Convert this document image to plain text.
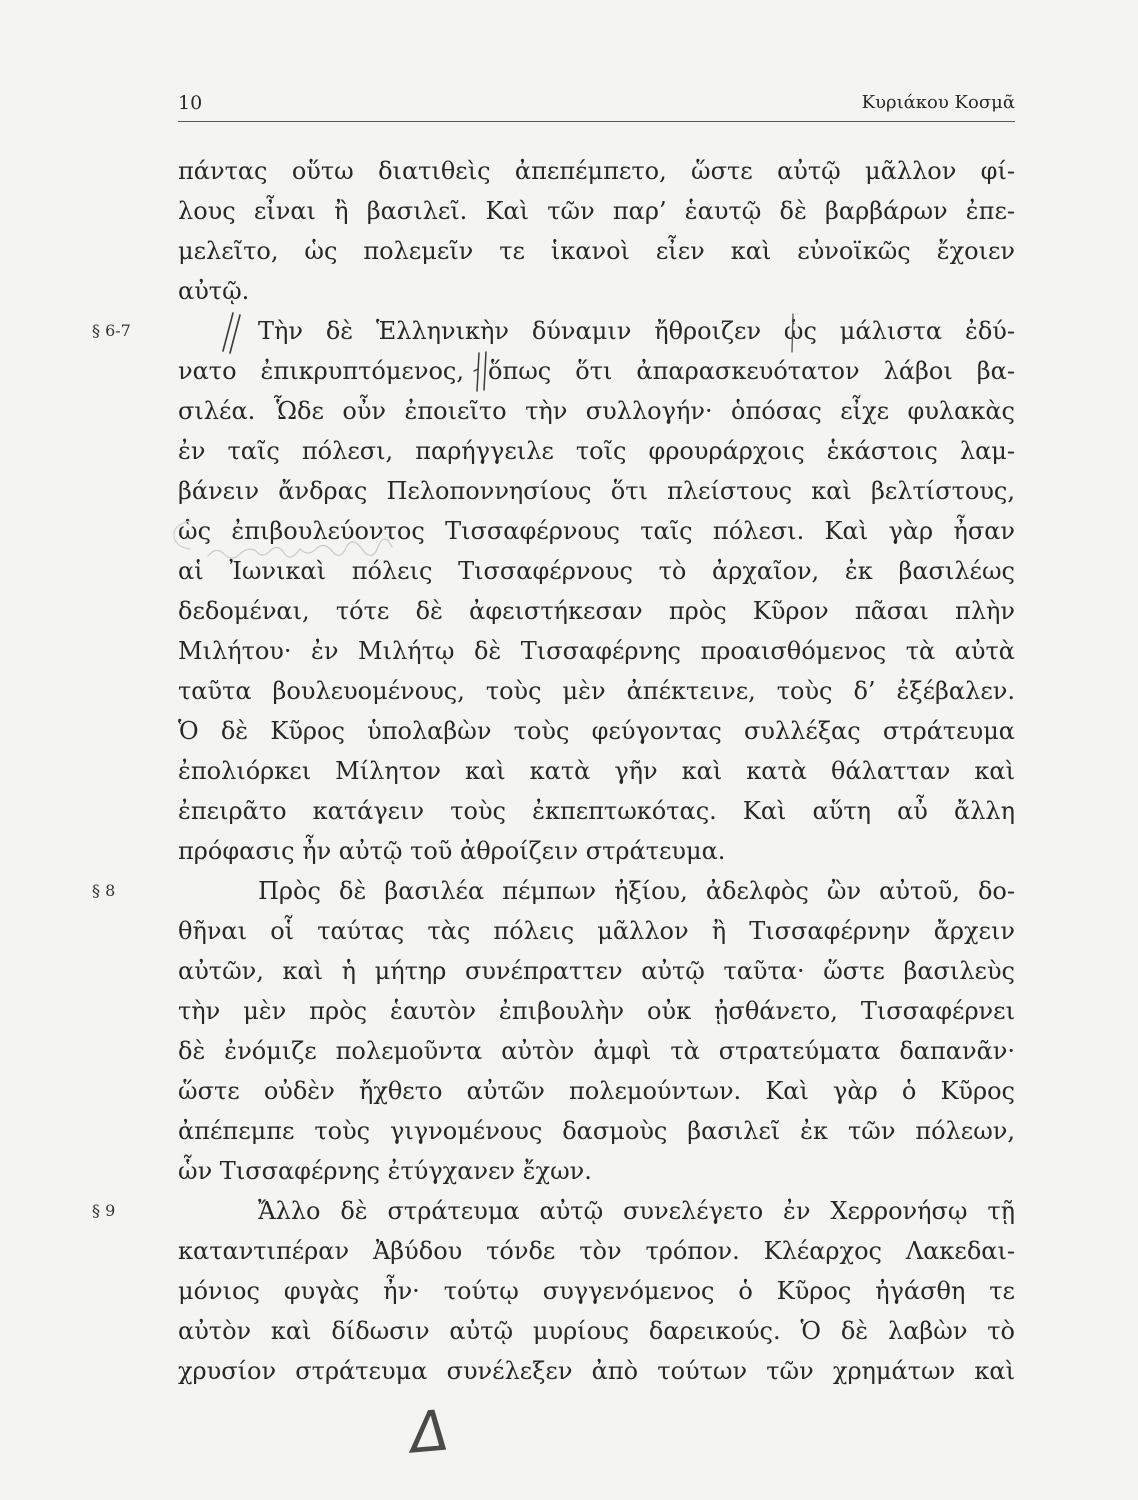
10	Κυριάκου Κοσμᾶ
§ 6-7
§ 8
§ 9
πάντας οὕτω διατιθεὶς ἀπεπέμπετο, ὥστε αὐτῷ μᾶλλον φί-
λους εἶναι ἢ βασιλεῖ. Καὶ τῶν παρ’ ἑαυτῷ δὲ βαρβάρων ἐπε-
μελεῖτο, ὡς πολεμεῖν τε ἱκανοὶ εἶεν καὶ εὐνοϊκῶς ἔχοιεν
αὐτῷ.
Τὴν δὲ Ἑλληνικὴν δύναμιν ἤθροιζεν ὡς μάλιστα ἐδύ-
νατο ἐπικρυπτόμενος, ὅπως ὅτι ἀπαρασκευότατον λάβοι βα-
σιλέα. Ὧδε οὖν ἐποιεῖτο τὴν συλλογήν· ὁπόσας εἶχε φυλακὰς
ἐν ταῖς πόλεσι, παρήγγειλε τοῖς φρουράρχοις ἑκάστοις λαμ-
βάνειν ἄνδρας Πελοποννησίους ὅτι πλείστους καὶ βελτίστους,
ὡς ἐπιβουλεύοντος Τισσαφέρνους ταῖς πόλεσι. Καὶ γὰρ ἦσαν
αἱ Ἰωνικαὶ πόλεις Τισσαφέρνους τὸ ἀρχαῖον, ἐκ βασιλέως
δεδομέναι, τότε δὲ ἀφειστήκεσαν πρὸς Κῦρον πᾶσαι πλὴν
Μιλήτου· ἐν Μιλήτῳ δὲ Τισσαφέρνης προαισθόμενος τὰ αὐτὰ
ταῦτα βουλευομένους, τοὺς μὲν ἀπέκτεινε, τοὺς δ’ ἐξέβαλεν.
Ὁ δὲ Κῦρος ὑπολαβὼν τοὺς φεύγοντας συλλέξας στράτευμα
ἐπολιόρκει Μίλητον καὶ κατὰ γῆν καὶ κατὰ θάλατταν καὶ
ἐπειρᾶτο κατάγειν τοὺς ἐκπεπτωκότας. Καὶ αὕτη αὖ ἄλλη
πρόφασις ἦν αὐτῷ τοῦ ἀθροίζειν στράτευμα.
Πρὸς δὲ βασιλέα πέμπων ἠξίου, ἀδελφὸς ὢν αὐτοῦ, δο-
θῆναι οἷ ταύτας τὰς πόλεις μᾶλλον ἢ Τισσαφέρνην ἄρχειν
αὐτῶν, καὶ ἡ μήτηρ συνέπραττεν αὐτῷ ταῦτα· ὥστε βασιλεὺς
τὴν μὲν πρὸς ἑαυτὸν ἐπιβουλὴν οὐκ ᾐσθάνετο, Τισσαφέρνει
δὲ ἐνόμιζε πολεμοῦντα αὐτὸν ἀμφὶ τὰ στρατεύματα δαπανᾶν·
ὥστε οὐδὲν ἤχθετο αὐτῶν πολεμούντων. Καὶ γὰρ ὁ Κῦρος
ἀπέπεμπε τοὺς γιγνομένους δασμοὺς βασιλεῖ ἐκ τῶν πόλεων,
ὧν Τισσαφέρνης ἐτύγχανεν ἔχων.
Ἄλλο δὲ στράτευμα αὐτῷ συνελέγετο ἐν Χερρονήσῳ τῇ
καταντιπέραν Ἀβύδου τόνδε τὸν τρόπον. Κλέαρχος Λακεδαι-
μόνιος φυγὰς ἦν· τούτῳ συγγενόμενος ὁ Κῦρος ἠγάσθη τε
αὐτὸν καὶ δίδωσιν αὐτῷ μυρίους δαρεικούς. Ὁ δὲ λαβὼν τὸ
χρυσίον στράτευμα συνέλεξεν ἀπὸ τούτων τῶν χρημάτων καὶ
Δ
